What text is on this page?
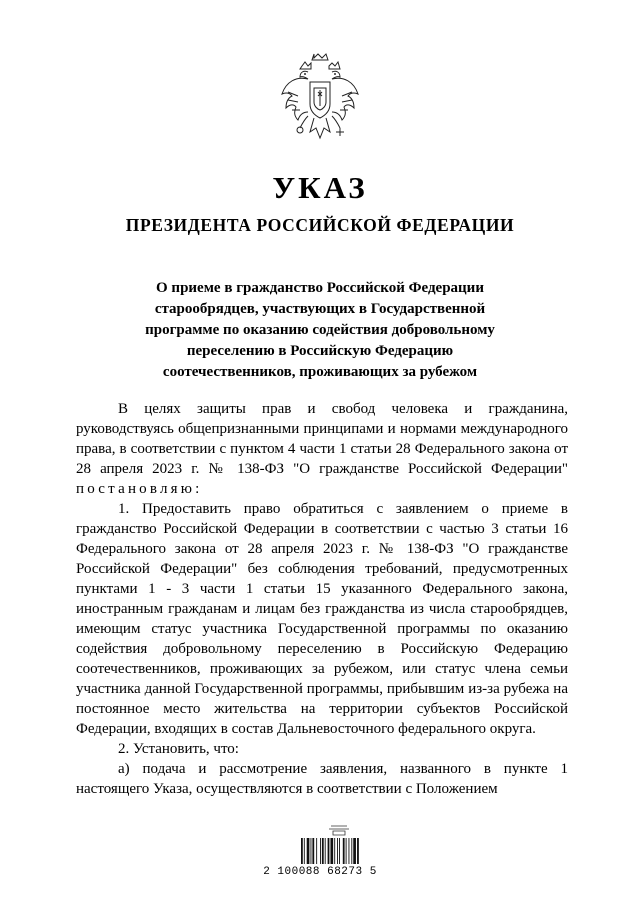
УКАЗ
ПРЕЗИДЕНТА РОССИЙСКОЙ ФЕДЕРАЦИИ
О приеме в гражданство Российской Федерации
старообрядцев, участвующих в Государственной
программе по оказанию содействия добровольному
переселению в Российскую Федерацию
соотечественников, проживающих за рубежом

В целях защиты прав и свобод человека и гражданина, руководствуясь общепризнанными принципами и нормами международного права, в соответствии с пунктом 4 части 1 статьи 28 Федерального закона от 28 апреля 2023 г. № 138-ФЗ "О гражданстве Российской Федерации" постановляю:

1. Предоставить право обратиться с заявлением о приеме в гражданство Российской Федерации в соответствии с частью 3 статьи 16 Федерального закона от 28 апреля 2023 г. № 138-ФЗ "О гражданстве Российской Федерации" без соблюдения требований, предусмотренных пунктами 1 - 3 части 1 статьи 15 указанного Федерального закона, иностранным гражданам и лицам без гражданства из числа старообрядцев, имеющим статус участника Государственной программы по оказанию содействия добровольному переселению в Российскую Федерацию соотечественников, проживающих за рубежом, или статус члена семьи участника данной Государственной программы, прибывшим из-за рубежа на постоянное место жительства на территории субъектов Российской Федерации, входящих в состав Дальневосточного федерального округа.

2. Установить, что:

а) подача и рассмотрение заявления, названного в пункте 1 настоящего Указа, осуществляются в соответствии с Положением

2 100088 68273 5
